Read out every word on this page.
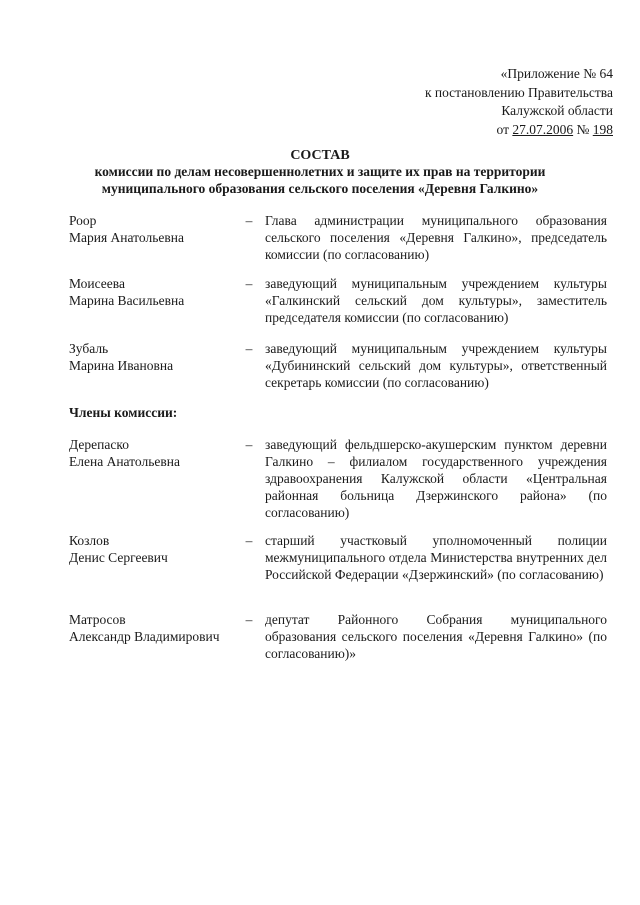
«Приложение № 64
к постановлению Правительства
Калужской области
от 27.07.2006 № 198
СОСТАВ
комиссии по делам несовершеннолетних и защите их прав на территории
муниципального образования сельского поселения «Деревня Галкино»
Роор
Мария Анатольевна
– Глава администрации муниципального образования сельского поселения «Деревня Галкино», председатель комиссии (по согласованию)
Моисеева
Марина Васильевна
– заведующий муниципальным учреждением культуры «Галкинский сельский дом культуры», заместитель председателя комиссии (по согласованию)
Зубаль
Марина Ивановна
– заведующий муниципальным учреждением культуры «Дубининский сельский дом культуры», ответственный секретарь комиссии (по согласованию)
Члены комиссии:
Дерепаско
Елена Анатольевна
– заведующий фельдшерско-акушерским пунктом деревни Галкино – филиалом государственного учреждения здравоохранения Калужской области «Центральная районная больница Дзержинского района» (по согласованию)
Козлов
Денис Сергеевич
– старший участковый уполномоченный полиции межмуниципального отдела Министерства внутренних дел Российской Федерации «Дзержинский» (по согласованию)
Матросов
Александр Владимирович
– депутат Районного Собрания муниципального образования сельского поселения «Деревня Галкино» (по согласованию)»
